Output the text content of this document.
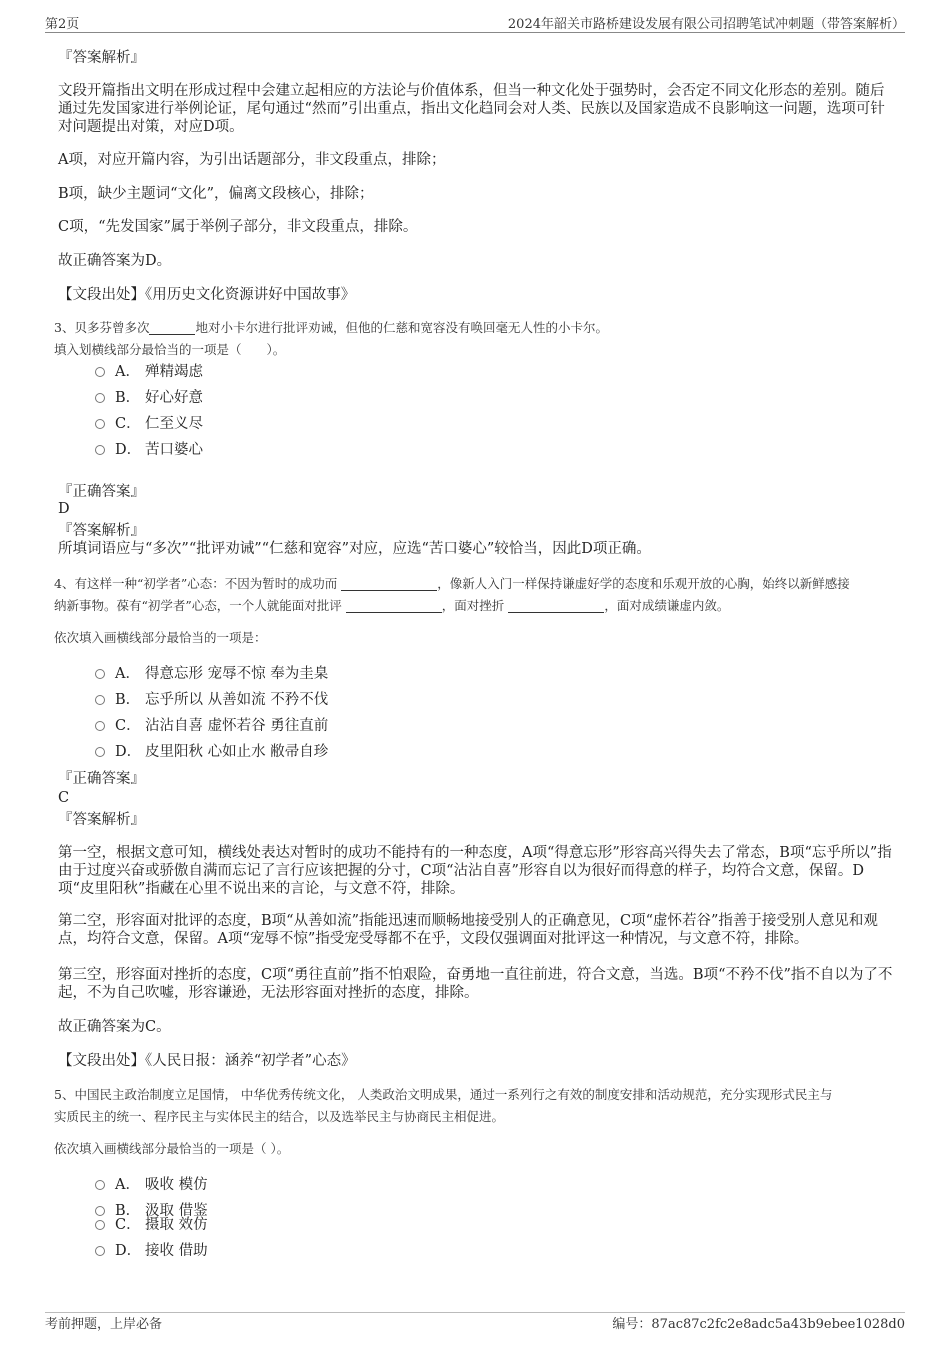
第2页	2024年韶关市路桥建设发展有限公司招聘笔试冲刺题（带答案解析）
『答案解析』
文段开篇指出文明在形成过程中会建立起相应的方法论与价值体系，但当一种文化处于强势时，会否定不同文化形态的差别。随后通过先发国家进行举例论证，尾句通过“然而”引出重点，指出文化趋同会对人类、民族以及国家造成不良影响这一问题，选项可针对问题提出对策，对应D项。
A项，对应开篇内容，为引出话题部分，非文段重点，排除；
B项，缺少主题词“文化”，偏离文段核心，排除；
C项，“先发国家”属于举例子部分，非文段重点，排除。
故正确答案为D。
【文段出处】《用历史文化资源讲好中国故事》
3、贝多芬曾多次	地对小卡尔进行批评劝诫，但他的仁慈和宽容没有唤回毫无人性的小卡尔。
填入划横线部分最恰当的一项是（　　）。
A． 殚精竭虑
B． 好心好意
C． 仁至义尽
D． 苦口婆心
『正确答案』
D
『答案解析』
所填词语应与“多次”“批评劝诫”“仁慈和宽容”对应，应选“苦口婆心”较恰当，因此D项正确。
4、有这样一种“初学者”心态：不因为暂时的成功而	，像新人入门一样保持谦虚好学的态度和乐观开放的心胸，始终以新鲜感接
纳新事物。葆有“初学者”心态，一个人就能面对批评	，面对挫折	，面对成绩谦虚内敛。
依次填入画横线部分最恰当的一项是：
A． 得意忘形 宠辱不惊 奉为圭臬
B． 忘乎所以 从善如流 不矜不伐
C． 沾沾自喜 虚怀若谷 勇往直前
D． 皮里阳秋 心如止水 敝帚自珍
『正确答案』
C
『答案解析』
第一空，根据文意可知，横线处表达对暂时的成功不能持有的一种态度，A项“得意忘形”形容高兴得失去了常态，B项“忘乎所以”指由于过度兴奋或骄傲自满而忘记了言行应该把握的分寸，C项“沾沾自喜”形容自以为很好而得意的样子，均符合文意，保留。D项“皮里阳秋”指藏在心里不说出来的言论，与文意不符，排除。
第二空，形容面对批评的态度，B项“从善如流”指能迅速而顺畅地接受别人的正确意见，C项“虚怀若谷”指善于接受别人意见和观点，均符合文意，保留。A项“宠辱不惊”指受宠受辱都不在乎，文段仅强调面对批评这一种情况，与文意不符，排除。
第三空，形容面对挫折的态度，C项“勇往直前”指不怕艰险，奋勇地一直往前进，符合文意，当选。B项“不矜不伐”指不自以为了不起，不为自己吹嘘，形容谦逊，无法形容面对挫折的态度，排除。
故正确答案为C。
【文段出处】《人民日报：涵养“初学者”心态》
5、中国民主政治制度立足国情， 中华优秀传统文化， 人类政治文明成果，通过一系列行之有效的制度安排和活动规范，充分实现形式民主与
实质民主的统一、程序民主与实体民主的结合，以及选举民主与协商民主相促进。
依次填入画横线部分最恰当的一项是（ ）。
A． 吸收 模仿
B． 汲取 借鉴
C． 摄取 效仿
D． 接收 借助
考前押题，上岸必备	编号：87ac87c2fc2e8adc5a43b9ebee1028d0
